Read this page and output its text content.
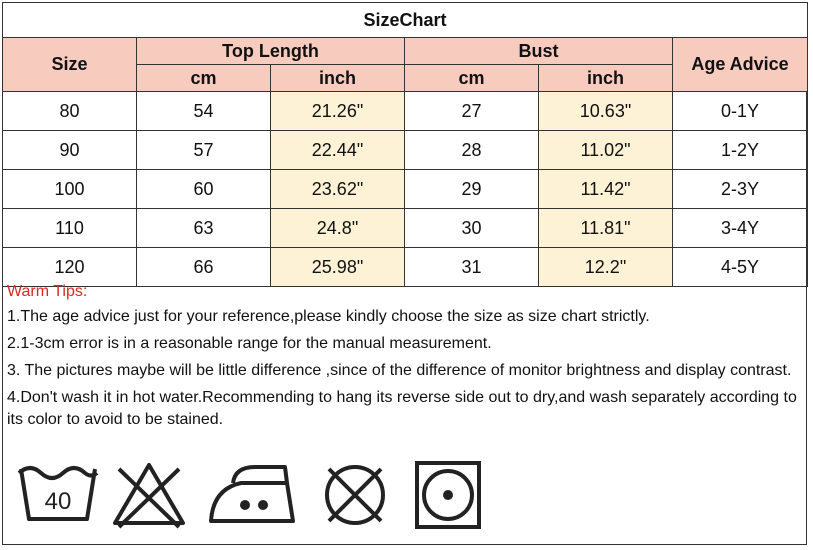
SizeChart					
Size	Top Length		Bust		Age Advice
	cm	inch	cm	inch	
80	54	21.26"	27	10.63"	0-1Y
90	57	22.44"	28	11.02"	1-2Y
100	60	23.62"	29	11.42"	2-3Y
110	63	24.8"	30	11.81"	3-4Y
120	66	25.98"	31	12.2"	4-5Y
Warm Tips:
1.The age advice just for your reference,please kindly choose the size as size chart strictly.
2.1-3cm error is in a reasonable range for the manual measurement.
3. The pictures maybe will be little difference ,since of the difference of monitor brightness and display contrast.
4.Don't wash it in hot water.Recommending to hang its reverse side out to dry,and wash separately according to its color to avoid to be stained.
40
